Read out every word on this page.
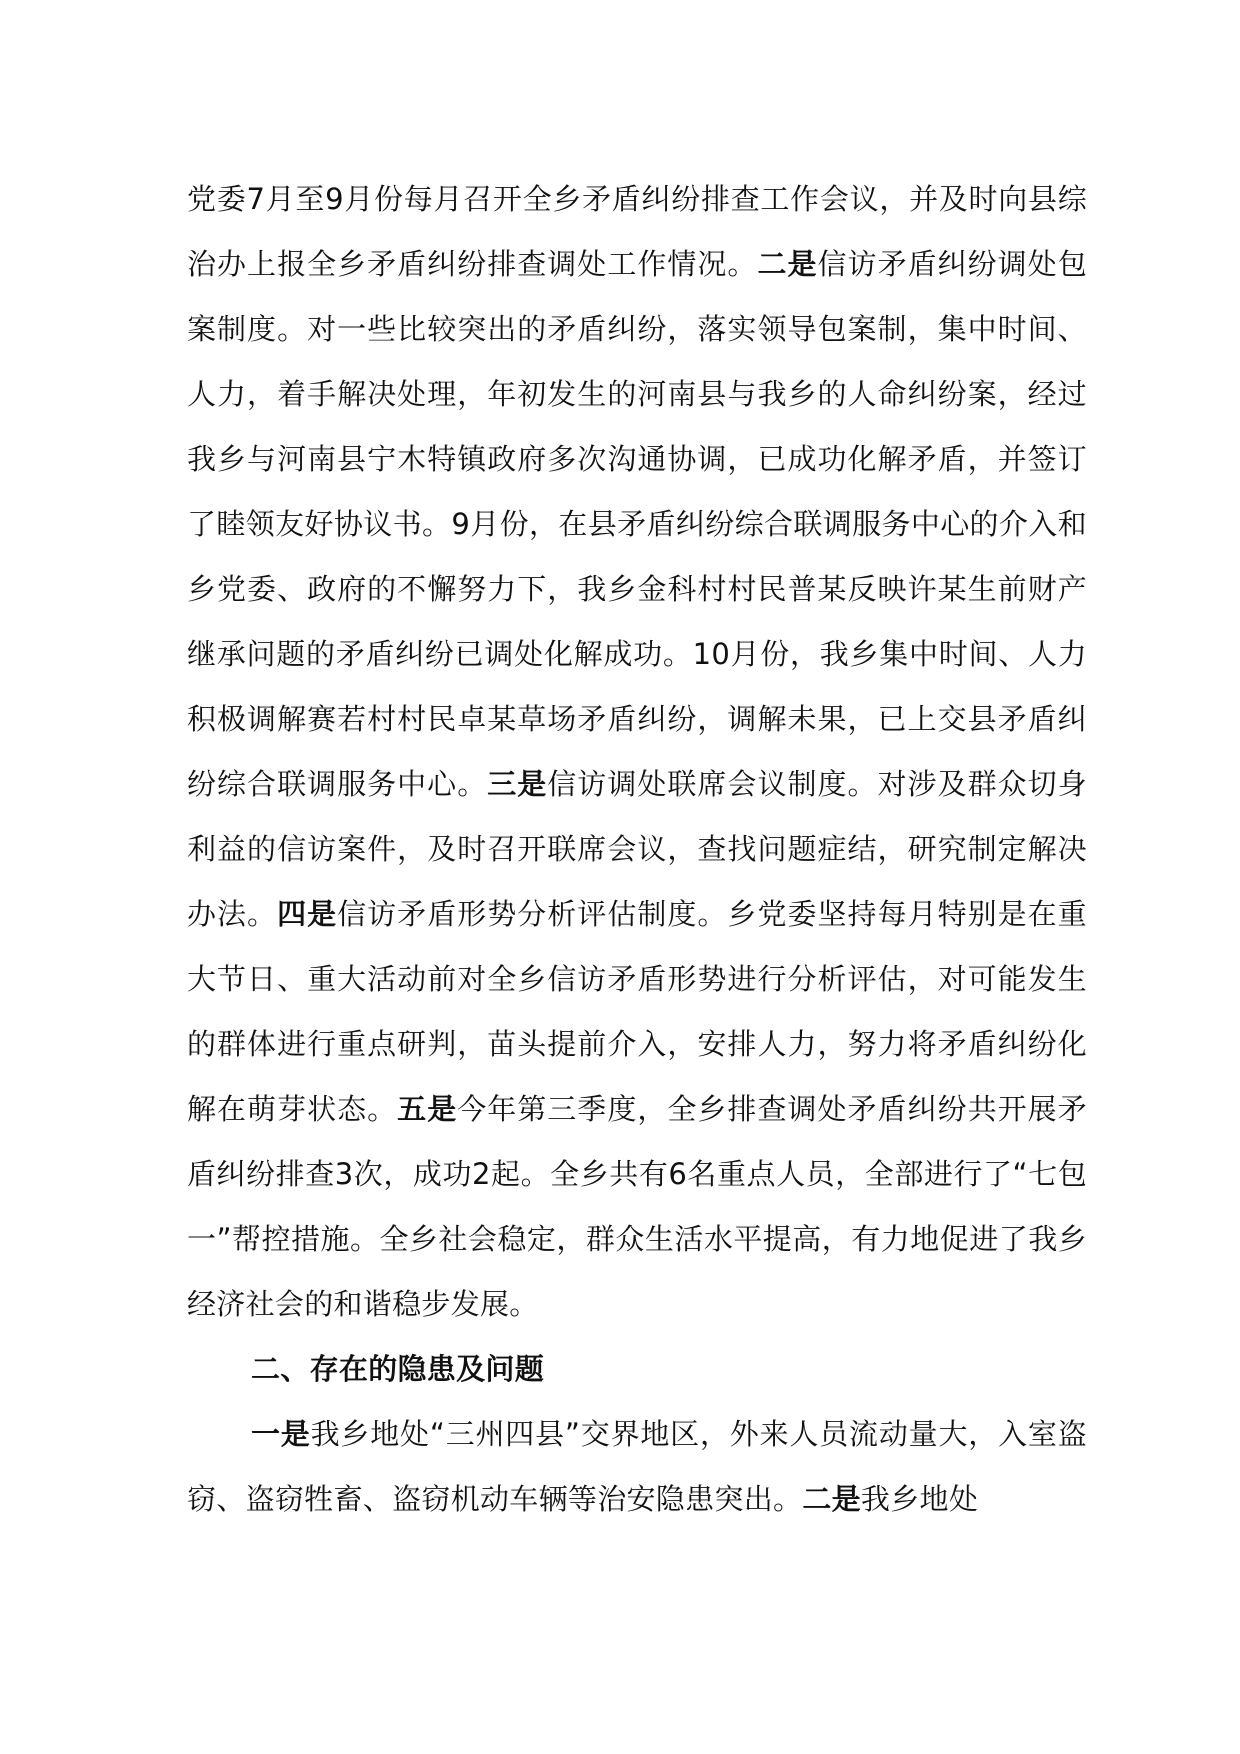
党委7月至9月份每月召开全乡矛盾纠纷排查工作会议，并及时向县综治办上报全乡矛盾纠纷排查调处工作情况。二是信访矛盾纠纷调处包案制度。对一些比较突出的矛盾纠纷，落实领导包案制，集中时间、人力，着手解决处理，年初发生的河南县与我乡的人命纠纷案，经过我乡与河南县宁木特镇政府多次沟通协调，已成功化解矛盾，并签订了睦领友好协议书。9月份，在县矛盾纠纷综合联调服务中心的介入和乡党委、政府的不懈努力下，我乡金科村村民普某反映许某生前财产继承问题的矛盾纠纷已调处化解成功。10月份，我乡集中时间、人力积极调解赛若村村民卓某草场矛盾纠纷，调解未果，已上交县矛盾纠纷综合联调服务中心。三是信访调处联席会议制度。对涉及群众切身利益的信访案件，及时召开联席会议，查找问题症结，研究制定解决办法。四是信访矛盾形势分析评估制度。乡党委坚持每月特别是在重大节日、重大活动前对全乡信访矛盾形势进行分析评估，对可能发生的群体进行重点研判，苗头提前介入，安排人力，努力将矛盾纠纷化解在萌芽状态。五是今年第三季度，全乡排查调处矛盾纠纷共开展矛盾纠纷排查3次，成功2起。全乡共有6名重点人员，全部进行了“七包一”帮控措施。全乡社会稳定，群众生活水平提高，有力地促进了我乡经济社会的和谐稳步发展。

二、存在的隐患及问题

一是我乡地处“三州四县”交界地区，外来人员流动量大，入室盗窃、盗窃牲畜、盗窃机动车辆等治安隐患突出。二是我乡地处
